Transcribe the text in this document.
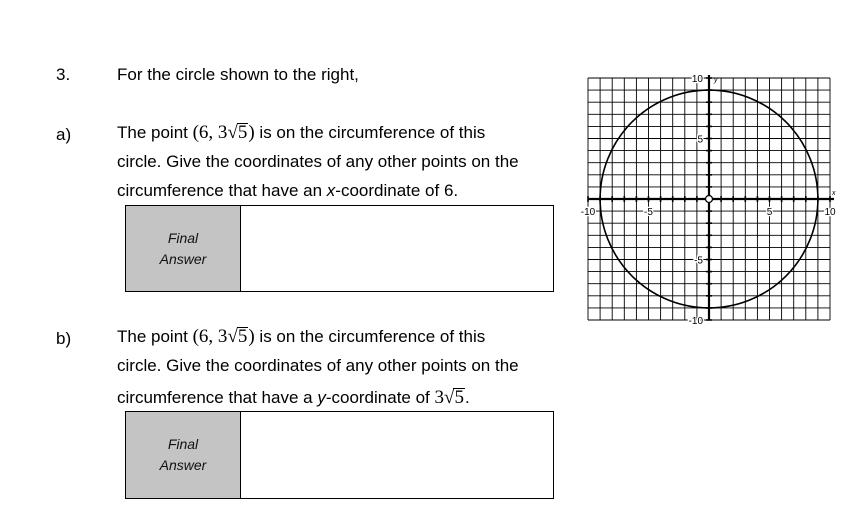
3.	For the circle shown to the right,
a)	The point (6, 3√5) is on the circumference of this
circle. Give the coordinates of any other points on the
circumference that have an x-coordinate of 6.
Final
Answer
b)	The point (6, 3√5) is on the circumference of this
circle. Give the coordinates of any other points on the
circumference that have a y-coordinate of 3√5.
Final
Answer
-10	-5	5	10
10
5
-5
-10
x
y
